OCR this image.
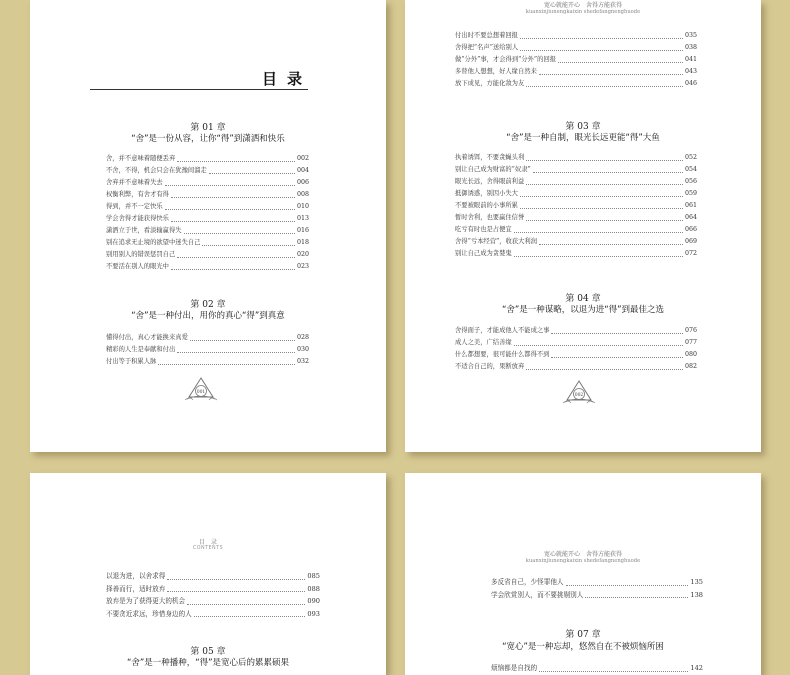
目录
第 01 章
“舍”是一份从容，让你“得”到潇洒和快乐
舍，并不意味着随便丢弃	002
不舍，不得，机会只会在犹豫间溜走	004
舍弃并不意味着失去	006
权衡利弊，有舍才有得	008
得到，并不一定快乐	010
学会舍得才能获得快乐	013
潇洒立于世，看淡输赢得失	016
别在追求无止境的欲望中迷失自己	018
别用别人的错误惩罚自己	020
不要活在别人的眼光中	023
第 02 章
“舍”是一种付出，用你的真心“得”到真意
懂得付出，真心才能换来真爱	028
精彩的人生是奉献和付出	030
付出等于积累人脉	032
001
宽心就能开心　舍得方能获得
kuanxinjiunengkaixin shedefangnenghuode
付出时不要总想着回报	035
舍得把“名声”送给别人	038
做“分外”事，才会得到“分外”的回报	041
多替他人想想，好人缘自然来	043
放下成见，方能化敌为友	046
第 03 章
“舍”是一种自制，眼光长远更能“得”大鱼
执着诱饵，不要贪蝇头利	052
别让自己成为财富的“奴隶”	054
眼光长远，舍得眼前利益	056
抵御诱惑，别因小失大	059
不要被眼前的小事所累	061
暂时舍利，也要赢住信誉	064
吃亏有时也是占便宜	066
舍得“亏本经营”，收获大利润	069
别让自己成为贪婪鬼	072
第 04 章
“舍”是一种谋略，以退为进“得”到最佳之选
舍得面子，才能成他人不能成之事	076
成人之美，广结善缘	077
什么都想要，很可能什么都得不到	080
不适合自己的，果断放弃	082
002
目　录
CONTENTS
以退为进，以舍求得	085
择善而行，适时放弃	088
放弃是为了获得更大的机会	090
不要贪近求远，珍惜身边的人	093
第 05 章
“舍”是一种播种，“得”是宽心后的累累硕果
宽心就能开心　舍得方能获得
kuanxinjiunengkaixin shedefangnenghuode
多反省自己，少怪罪他人	135
学会欣赏别人，而不要挑剔别人	138
第 07 章
“宽心”是一种忘却，悠然自在不被烦恼所困
烦恼都是自找的	142
